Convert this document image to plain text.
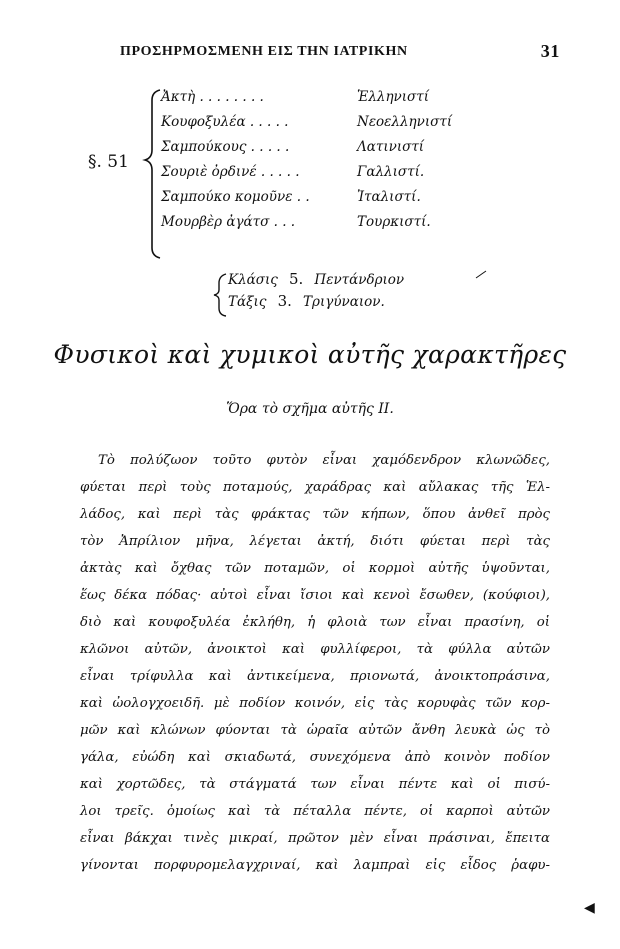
ΠΡΟΣΗΡΜΟΣΜΕΝΗ ΕΙΣ ΤΗΝ ΙΑΤΡΙΚΗΝ	31
§. 51
Ἀκτὴ . . . . . . . .	Ἑλληνιστί
Κουφοξυλέα . . . . .	Νεοελληνιστί
Σαμπούκους . . . . .	Λατινιστί
Σουριὲ ὀρδινέ . . . . .	Γαλλιστί.
Σαμπούκο κομοῦνε . .	Ἰταλιστί.
Μουρβὲρ ἀγάτσ . . .	Τουρκιστί.
Κλάσις 5. Πεντάνδριον
Τάξις 3. Τριγύναιον.
Φυσικοὶ καὶ χυμικοὶ αὐτῆς χαρακτῆρες
Ὅρα τὸ σχῆμα αὐτῆς ΙΙ.
Τὸ πολύζωον τοῦτο φυτὸν εἶναι χαμόδενδρον κλωνῶδες,
φύεται περὶ τοὺς ποταμούς, χαράδρας καὶ αὔλακας τῆς Ἑλ-
λάδος, καὶ περὶ τὰς φράκτας τῶν κήπων, ὅπου ἀνθεῖ πρὸς
τὸν Ἀπρίλιον μῆνα, λέγεται ἀκτή, διότι φύεται περὶ τὰς
ἀκτὰς καὶ ὄχθας τῶν ποταμῶν, οἱ κορμοὶ αὐτῆς ὑψοῦνται,
ἕως δέκα πόδας· αὐτοὶ εἶναι ἴσιοι καὶ κενοὶ ἔσωθεν, (κούφιοι),
διὸ καὶ κουφοξυλέα ἐκλήθη, ἡ φλοιὰ των εἶναι πρασίνη, οἱ
κλῶνοι αὐτῶν, ἀνοικτοὶ καὶ φυλλίφεροι, τὰ φύλλα αὐτῶν
εἶναι τρίφυλλα καὶ ἀντικείμενα, πριονωτά, ἀνοικτοπράσινα,
καὶ ὠολογχοειδῆ. μὲ ποδίον κοινόν, εἰς τὰς κορυφὰς τῶν κορ-
μῶν καὶ κλώνων φύονται τὰ ὡραῖα αὐτῶν ἄνθη λευκὰ ὡς τὸ
γάλα, εὐώδη καὶ σκιαδωτά, συνεχόμενα ἀπὸ κοινὸν ποδίον
καὶ χορτῶδες, τὰ στάγματά των εἶναι πέντε καὶ οἱ πισύ-
λοι τρεῖς. ὁμοίως καὶ τὰ πέταλλα πέντε, οἱ καρποὶ αὐτῶν
εἶναι βάκχαι τινὲς μικραί, πρῶτον μὲν εἶναι πράσιναι, ἔπειτα
γίνονται πορφυρομελαγχριναί, καὶ λαμπραὶ εἰς εἶδος ῥαφυ-
◀
